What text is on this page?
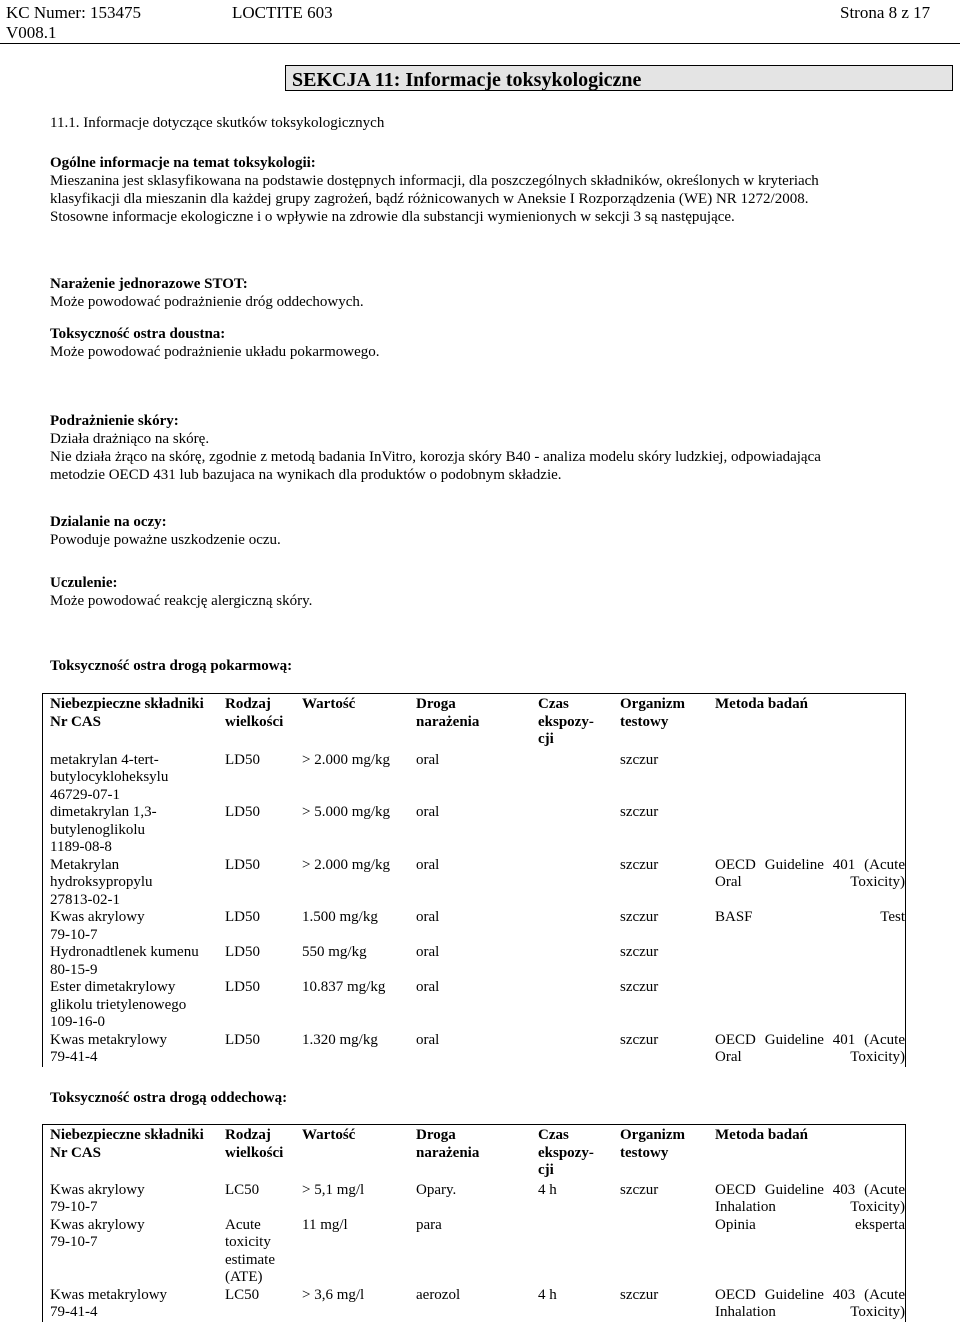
KC Numer: 153475	LOCTITE 603	Strona 8 z 17
V008.1
SEKCJA 11: Informacje toksykologiczne
11.1. Informacje dotyczące skutków toksykologicznych
Ogólne informacje na temat toksykologii:
Mieszanina jest sklasyfikowana na podstawie dostępnych informacji, dla poszczególnych składników, określonych w kryteriach
klasyfikacji dla mieszanin dla każdej grupy zagrożeń, bądź różnicowanych w Aneksie I Rozporządzenia (WE) NR 1272/2008.
Stosowne informacje ekologiczne i o wpływie na zdrowie dla substancji wymienionych w sekcji 3 są następujące.
Narażenie jednorazowe STOT:
Może powodować podrażnienie dróg oddechowych.
Toksyczność ostra doustna:
Może powodować podrażnienie układu pokarmowego.
Podrażnienie skóry:
Działa drażniąco na skórę.
Nie działa żrąco na skórę, zgodnie z metodą badania InVitro, korozja skóry B40 - analiza modelu skóry ludzkiej, odpowiadająca
metodzie OECD 431 lub bazujaca na wynikach dla produktów o podobnym składzie.
Dzialanie na oczy:
Powoduje poważne uszkodzenie oczu.
Uczulenie:
Może powodować reakcję alergiczną skóry.
Toksyczność ostra drogą pokarmową:
Niebezpieczne składniki
Nr CAS	Rodzaj
wielkości	Wartość	Droga
narażenia	Czas
ekspozy-
cji	Organizm
testowy	Metoda badań
metakrylan 4-tert-
butylocykloheksylu
46729-07-1	LD50	> 2.000 mg/kg	oral		szczur	
dimetakrylan 1,3-
butylenoglikolu
1189-08-8	LD50	> 5.000 mg/kg	oral		szczur	
Metakrylan
hydroksypropylu
27813-02-1	LD50	> 2.000 mg/kg	oral		szczur	OECD Guideline 401 (Acute
Oral Toxicity)
Kwas akrylowy
79-10-7	LD50	1.500 mg/kg	oral		szczur	BASF Test
Hydronadtlenek kumenu
80-15-9	LD50	550 mg/kg	oral		szczur	
Ester dimetakrylowy
glikolu trietylenowego
109-16-0	LD50	10.837 mg/kg	oral		szczur	
Kwas metakrylowy
79-41-4	LD50	1.320 mg/kg	oral		szczur	OECD Guideline 401 (Acute
Oral Toxicity)
Toksyczność ostra drogą oddechową:
Niebezpieczne składniki
Nr CAS	Rodzaj
wielkości	Wartość	Droga
narażenia	Czas
ekspozy-
cji	Organizm
testowy	Metoda badań
Kwas akrylowy
79-10-7	LC50	> 5,1 mg/l	Opary.	4 h	szczur	OECD Guideline 403 (Acute
Inhalation Toxicity)
Kwas akrylowy
79-10-7	Acute
toxicity
estimate
(ATE)	11 mg/l	para			Opinia eksperta
Kwas metakrylowy
79-41-4	LC50	> 3,6 mg/l	aerozol	4 h	szczur	OECD Guideline 403 (Acute
Inhalation Toxicity)
